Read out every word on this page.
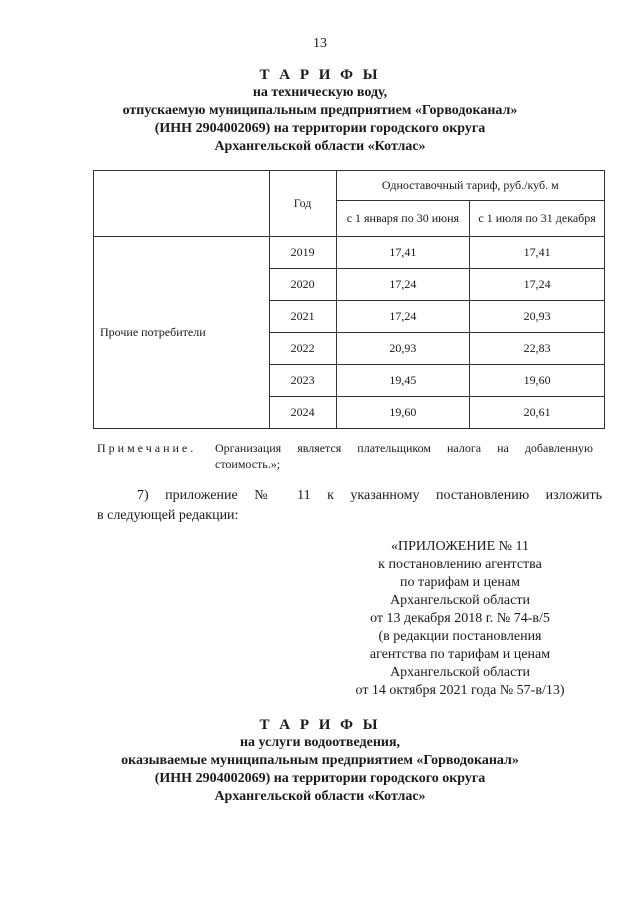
13
Т А Р И Ф Ы
на техническую воду,
отпускаемую муниципальным предприятием «Горводоканал»
(ИНН 2904002069) на территории городского округа
Архангельской области «Котлас»
	Год	Одноставочный тариф, руб./куб. м	
		с 1 января по 30 июня	с 1 июля по 31 декабря
Прочие потребители	2019	17,41	17,41
	2020	17,24	17,24
	2021	17,24	20,93
	2022	20,93	22,83
	2023	19,45	19,60
	2024	19,60	20,61
Примечание. Организация является плательщиком налога на добавленную стоимость.»;
7) приложение № 11 к указанному постановлению изложить
в следующей редакции:
«ПРИЛОЖЕНИЕ № 11
к постановлению агентства
по тарифам и ценам
Архангельской области
от 13 декабря 2018 г. № 74-в/5
(в редакции постановления
агентства по тарифам и ценам
Архангельской области
от 14 октября 2021 года № 57-в/13)
Т А Р И Ф Ы
на услуги водоотведения,
оказываемые муниципальным предприятием «Горводоканал»
(ИНН 2904002069) на территории городского округа
Архангельской области «Котлас»
